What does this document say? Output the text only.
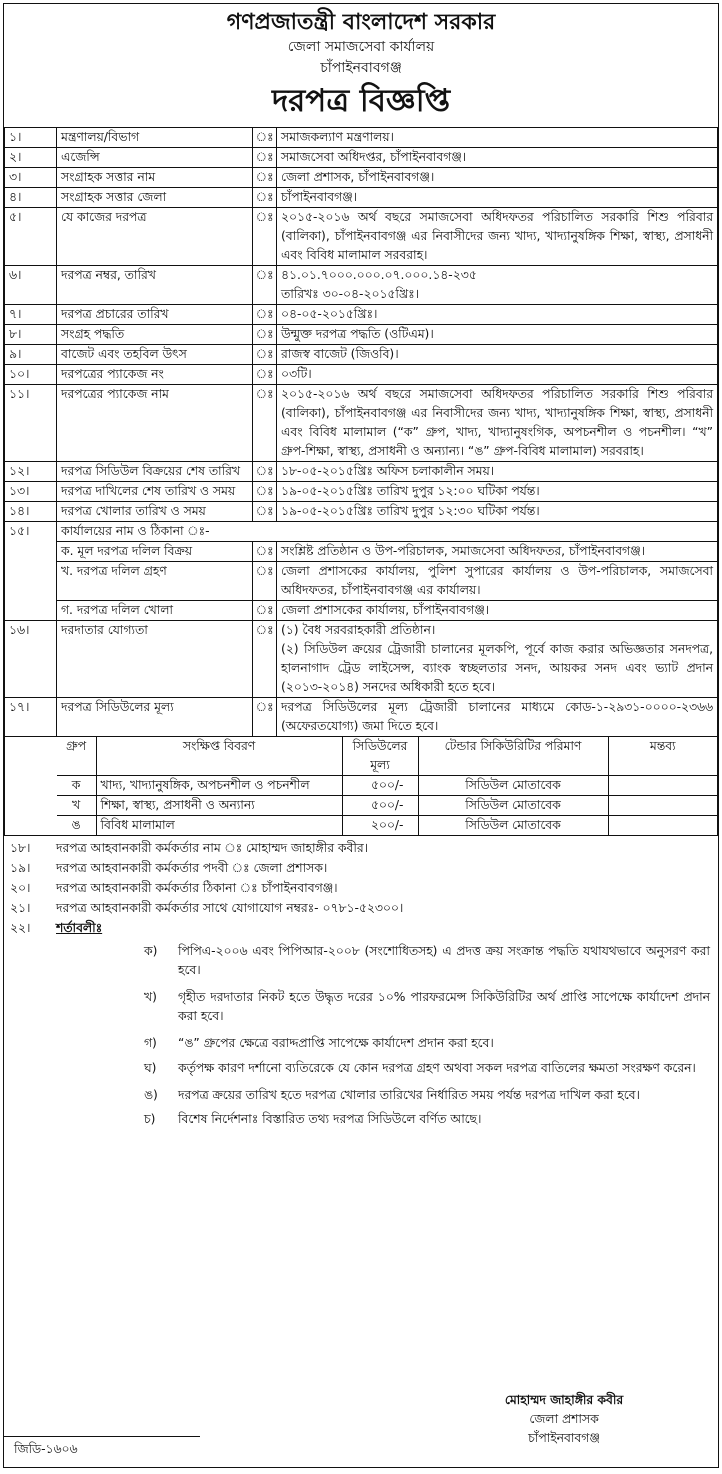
গণপ্রজাতন্ত্রী বাংলাদেশ সরকার
জেলা সমাজসেবা কার্যালয়
চাঁপাইনবাবগঞ্জ
দরপত্র বিজ্ঞপ্তি
১।	মন্ত্রণালয়/বিভাগ	ঃ	সমাজকল্যাণ মন্ত্রণালয়।
২।	এজেন্সি	ঃ	সমাজসেবা অধিদপ্তর, চাঁপাইনবাবগঞ্জ।
৩।	সংগ্রাহক সত্তার নাম	ঃ	জেলা প্রশাসক, চাঁপাইনবাবগঞ্জ।
৪।	সংগ্রাহক সত্তার জেলা	ঃ	চাঁপাইনবাবগঞ্জ।
৫।	যে কাজের দরপত্র	ঃ	২০১৫-২০১৬ অর্থ বছরে সমাজসেবা অধিদফতর পরিচালিত সরকারি শিশু পরিবার (বালিকা), চাঁপাইনবাবগঞ্জ এর নিবাসীদের জন্য খাদ্য, খাদ্যানুষঙ্গিক শিক্ষা, স্বাস্থ্য, প্রসাধনী এবং বিবিধ মালামাল সরবরাহ।
৬।	দরপত্র নম্বর, তারিখ	ঃ	৪১.০১.৭০০০.০০০.০৭.০০০.১৪-২৩৫
তারিখঃ ৩০-০৪-২০১৫খ্রিঃ।

৭।	দরপত্র প্রচারের তারিখ	ঃ	০৪-০৫-২০১৫খ্রিঃ।
৮।	সংগ্রহ পদ্ধতি	ঃ	উন্মুক্ত দরপত্র পদ্ধতি (ওটিএম)।
৯।	বাজেট এবং তহবিল উৎস	ঃ	রাজস্ব বাজেট (জিওবি)।
১০।	দরপত্রের প্যাকেজ নং	ঃ	০৩টি।
১১।	দরপত্রের প্যাকেজ নাম	ঃ	২০১৫-২০১৬ অর্থ বছরে সমাজসেবা অধিদফতর পরিচালিত সরকারি শিশু পরিবার (বালিকা), চাঁপাইনবাবগঞ্জ এর নিবাসীদের জন্য খাদ্য, খাদ্যানুষঙ্গিক শিক্ষা, স্বাস্থ্য, প্রসাধনী এবং বিবিধ মালামাল (“ক” গ্রুপ, খাদ্য, খাদ্যানুষংগিক, অপচনশীল ও পচনশীল। “খ” গ্রুপ-শিক্ষা, স্বাস্থ্য, প্রসাধনী ও অন্যান্য। “ঙ” গ্রুপ-বিবিধ মালামাল) সরবরাহ।
১২।	দরপত্র সিডিউল বিক্রয়ের শেষ তারিখ	ঃ	১৮-০৫-২০১৫খ্রিঃ অফিস চলাকালীন সময়।
১৩।	দরপত্র দাখিলের শেষ তারিখ ও সময়	ঃ	১৯-০৫-২০১৫খ্রিঃ তারিখ দুপুর ১২:০০ ঘটিকা পর্যন্ত।
১৪।	দরপত্র খোলার তারিখ ও সময়	ঃ	১৯-০৫-২০১৫খ্রিঃ তারিখ দুপুর ১২:৩০ ঘটিকা পর্যন্ত।
১৫।	কার্যালয়ের নাম ও ঠিকানা ঃ-
ক. মূল দরপত্র দলিল বিক্রয়	ঃ	সংশ্লিষ্ট প্রতিষ্ঠান ও উপ-পরিচালক, সমাজসেবা অধিদফতর, চাঁপাইনবাবগঞ্জ।
খ. দরপত্র দলিল গ্রহণ	ঃ	জেলা প্রশাসকের কার্যালয়, পুলিশ সুপারের কার্যালয় ও উপ-পরিচালক, সমাজসেবা অধিদফতর, চাঁপাইনবাবগঞ্জ এর কার্যালয়।
গ. দরপত্র দলিল খোলা	ঃ	জেলা প্রশাসকের কার্যালয়, চাঁপাইনবাবগঞ্জ।
১৬।	দরদাতার যোগ্যতা	ঃ	(১) বৈধ সরবরাহকারী প্রতিষ্ঠান।
(২) সিডিউল ক্রয়ের ট্রেজারী চালানের মূলকপি, পূর্বে কাজ করার অভিজ্ঞতার সনদপত্র, হালনাগাদ ট্রেড লাইসেন্স, ব্যাংক স্বচ্ছলতার সনদ, আয়কর সনদ এবং ভ্যাট প্রদান (২০১৩-২০১৪) সনদের অধিকারী হতে হবে।

১৭।	দরপত্র সিডিউলের মূল্য	ঃ	দরপত্র সিডিউলের মূল্য ট্রেজারী চালানের মাধ্যমে কোড-১-২৯৩১-০০০০-২৩৬৬ (অফেরতযোগ্য) জমা দিতে হবে।

গ্রুপ	সংক্ষিপ্ত বিবরণ	সিডিউলের মূল্য	টেন্ডার সিকিউরিটির পরিমাণ	মন্তব্য
ক	খাদ্য, খাদ্যানুষঙ্গিক, অপচনশীল ও পচনশীল	৫০০/-	সিডিউল মোতাবেক	
খ	শিক্ষা, স্বাস্থ্য, প্রসাধনী ও অন্যান্য	৫০০/-	সিডিউল মোতাবেক	
ঙ	বিবিধ মালামাল	২০০/-	সিডিউল মোতাবেক	
১৮।	দরপত্র আহবানকারী কর্মকর্তার নাম ঃ মোহাম্মদ জাহাঙ্গীর কবীর।
১৯।	দরপত্র আহবানকারী কর্মকর্তার পদবী ঃ জেলা প্রশাসক।
২০।	দরপত্র আহবানকারী কর্মকর্তার ঠিকানা ঃ চাঁপাইনবাবগঞ্জ।
২১।	দরপত্র আহবানকারী কর্মকর্তার সাথে যোগাযোগ নম্বরঃ- ০৭৮১-৫২৩০০।
২২।	শর্তাবলীঃ
ক)	পিপিএ-২০০৬ এবং পিপিআর-২০০৮ (সংশোধিতসহ) এ প্রদত্ত ক্রয় সংক্রান্ত পদ্ধতি যথাযথভাবে অনুসরণ করা হবে।
খ)	গৃহীত দরদাতার নিকট হতে উদ্ধৃত দরের ১০% পারফরমেন্স সিকিউরিটির অর্থ প্রাপ্তি সাপেক্ষে কার্যাদেশ প্রদান করা হবে।
গ)	“ঙ” গ্রুপের ক্ষেত্রে বরাদ্দপ্রাপ্তি সাপেক্ষে কার্যাদেশ প্রদান করা হবে।
ঘ)	কর্তৃপক্ষ কারণ দর্শানো ব্যতিরেকে যে কোন দরপত্র গ্রহণ অথবা সকল দরপত্র বাতিলের ক্ষমতা সংরক্ষণ করেন।
ঙ)	দরপত্র ক্রয়ের তারিখ হতে দরপত্র খোলার তারিখের নির্ধারিত সময় পর্যন্ত দরপত্র দাখিল করা হবে।
চ)	বিশেষ নির্দেশনাঃ বিস্তারিত তথ্য দরপত্র সিডিউলে বর্ণিত আছে।
মোহাম্মদ জাহাঙ্গীর কবীর
জেলা প্রশাসক
চাঁপাইনবাবগঞ্জ
জিডি-১৬০৬
